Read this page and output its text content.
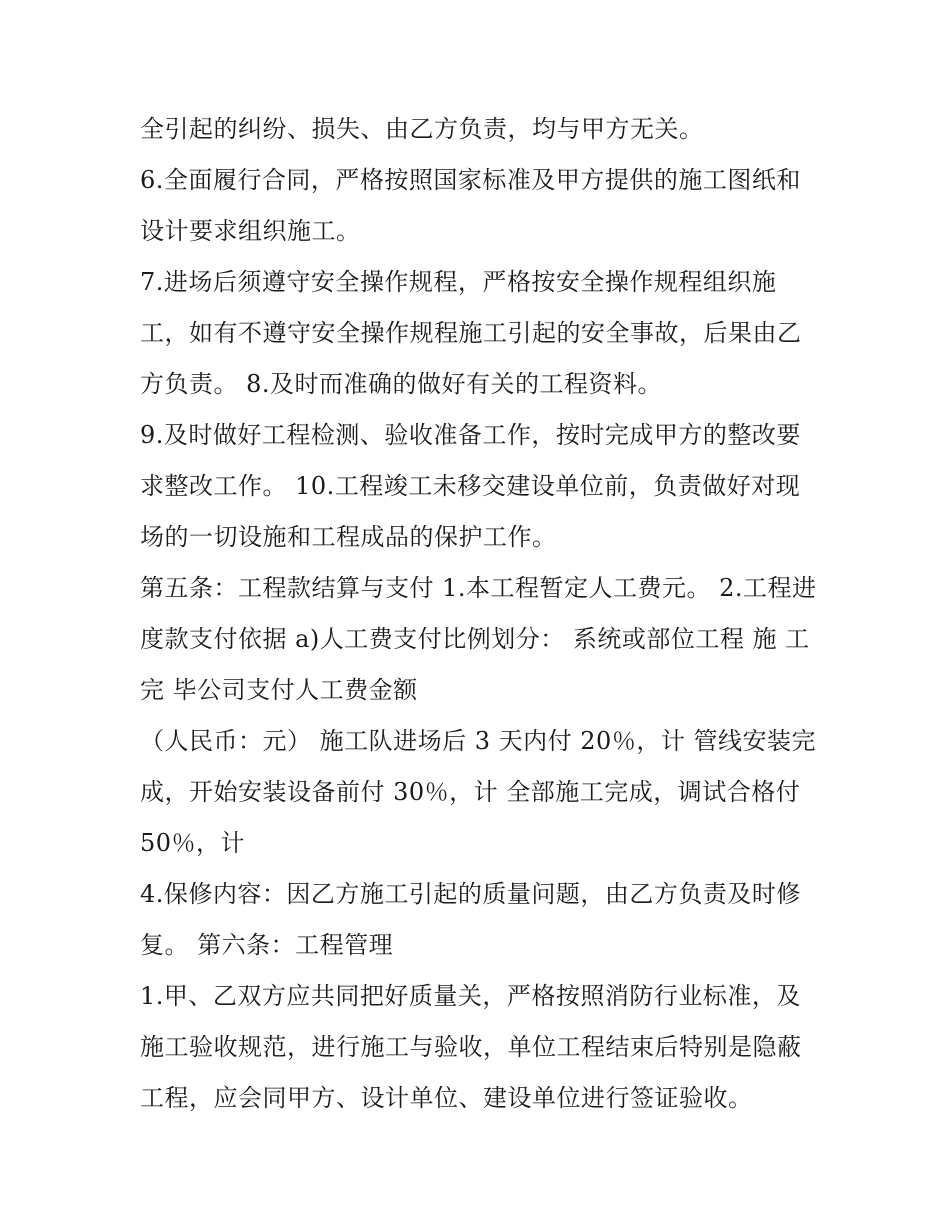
全引起的纠纷、损失、由乙方负责，均与甲方无关。
6.全面履行合同，严格按照国家标准及甲方提供的施工图纸和
设计要求组织施工。
7.进场后须遵守安全操作规程，严格按安全操作规程组织施
工，如有不遵守安全操作规程施工引起的安全事故，后果由乙
方负责。 8.及时而准确的做好有关的工程资料。
9.及时做好工程检测、验收准备工作，按时完成甲方的整改要
求整改工作。 10.工程竣工未移交建设单位前，负责做好对现
场的一切设施和工程成品的保护工作。
第五条：工程款结算与支付 1.本工程暂定人工费元。 2.工程进
度款支付依据 a)人工费支付比例划分： 系统或部位工程 施 工
完 毕公司支付人工费金额
（人民币：元） 施工队进场后 3 天内付 20％，计 管线安装完
成，开始安装设备前付 30％，计 全部施工完成，调试合格付
50％，计
4.保修内容：因乙方施工引起的质量问题，由乙方负责及时修
复。 第六条：工程管理
1.甲、乙双方应共同把好质量关，严格按照消防行业标准，及
施工验收规范，进行施工与验收，单位工程结束后特别是隐蔽
工程，应会同甲方、设计单位、建设单位进行签证验收。
